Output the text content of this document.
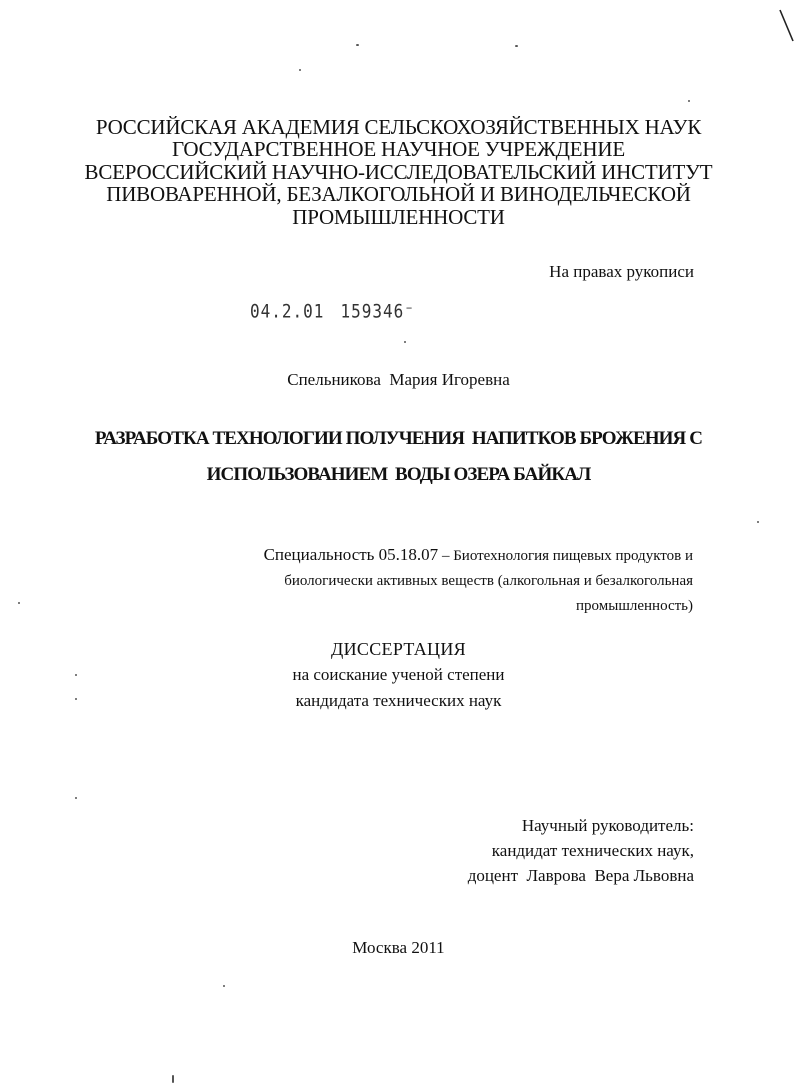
РОССИЙСКАЯ АКАДЕМИЯ СЕЛЬСКОХОЗЯЙСТВЕННЫХ НАУК
ГОСУДАРСТВЕННОЕ НАУЧНОЕ УЧРЕЖДЕНИЕ
ВСЕРОССИЙСКИЙ НАУЧНО-ИССЛЕДОВАТЕЛЬСКИЙ ИНСТИТУТ
ПИВОВАРЕННОЙ, БЕЗАЛКОГОЛЬНОЙ И ВИНОДЕЛЬЧЕСКОЙ
ПРОМЫШЛЕННОСТИ
На правах рукописи
04.2.01 159346⁻
Спельникова  Мария Игоревна
РАЗРАБОТКА ТЕХНОЛОГИИ ПОЛУЧЕНИЯ  НАПИТКОВ БРОЖЕНИЯ С
ИСПОЛЬЗОВАНИЕМ  ВОДЫ ОЗЕРА БАЙКАЛ
Специальность 05.18.07 – Биотехнология пищевых продуктов и
биологически активных веществ (алкогольная и безалкогольная
промышленность)
ДИССЕРТАЦИЯ
на соискание ученой степени
кандидата технических наук
Научный руководитель:
кандидат технических наук,
доцент  Лаврова  Вера Львовна
Москва 2011
